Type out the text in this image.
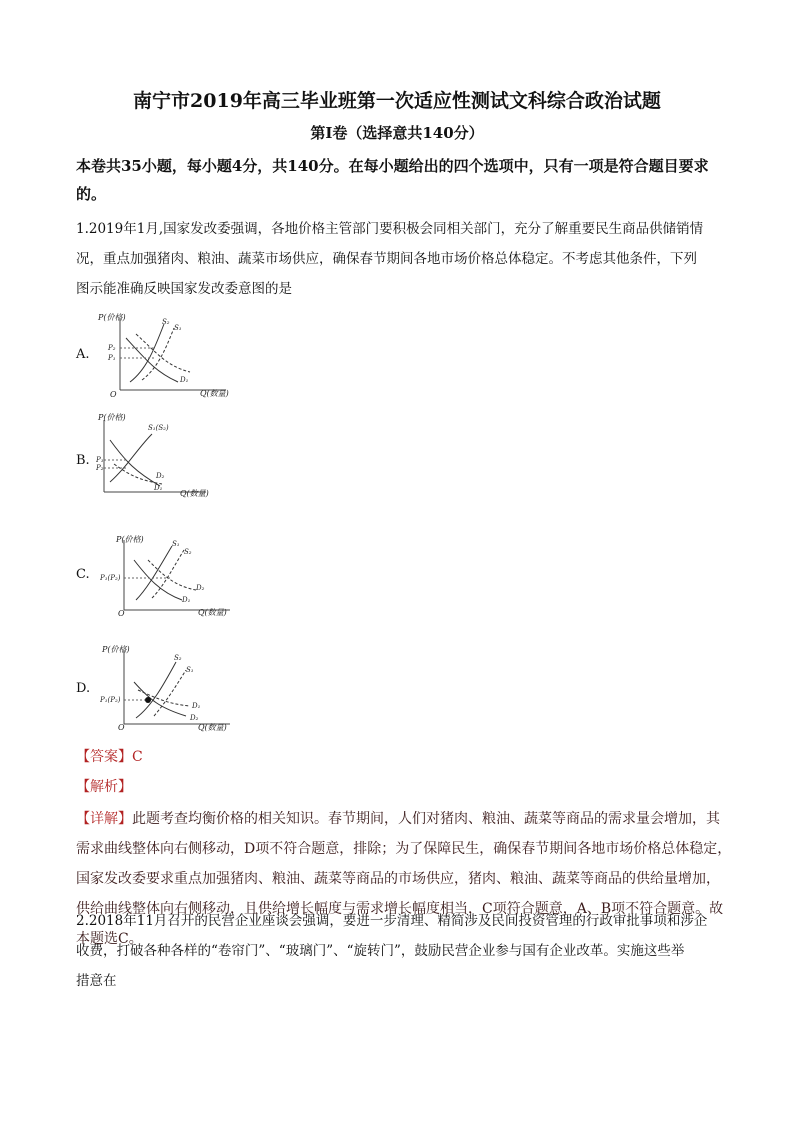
南宁市2019年高三毕业班第一次适应性测试文科综合政治试题
第Ⅰ卷（选择意共140分）
本卷共35小题，每小题4分，共140分。在每小题给出的四个选项中，只有一项是符合题目要求的。
1.2019年1月,国家发改委强调，各地价格主管部门要积极会同相关部门，充分了解重要民生商品供储销情
况，重点加强猪肉、粮油、蔬菜市场供应，确保春节期间各地市场价格总体稳定。不考虑其他条件，下列
图示能准确反映国家发改委意图的是
A.
P(价格)
Q(数量)
O
P₂
P₁
S₂
S₁
D₁
B.
P(价格)
Q(数量)
P₁
P₂
S₁(S₂)
D₂
D₁
C.
P(价格)
Q(数量)
O
P₁(P₂)
S₁
S₂
D₂
D₁
D.
P(价格)
Q(数量)
O
P₁(P₂)
S₂
S₁
D₁
D₂
【答案】C
【解析】
【详解】此题考查均衡价格的相关知识。春节期间，人们对猪肉、粮油、蔬菜等商品的需求量会增加，其
需求曲线整体向右侧移动，D项不符合题意，排除；为了保障民生，确保春节期间各地市场价格总体稳定，
国家发改委要求重点加强猪肉、粮油、蔬菜等商品的市场供应，猪肉、粮油、蔬菜等商品的供给量增加，
供给曲线整体向右侧移动，且供给增长幅度与需求增长幅度相当，C项符合题意，A、B项不符合题意。故
本题选C。
2.2018年11月召开的民营企业座谈会强调，要进一步清理、精简涉及民间投资管理的行政审批事项和涉企
收费，打破各种各样的“卷帘门”、“玻璃门”、“旋转门”，鼓励民营企业参与国有企业改革。实施这些举
措意在
